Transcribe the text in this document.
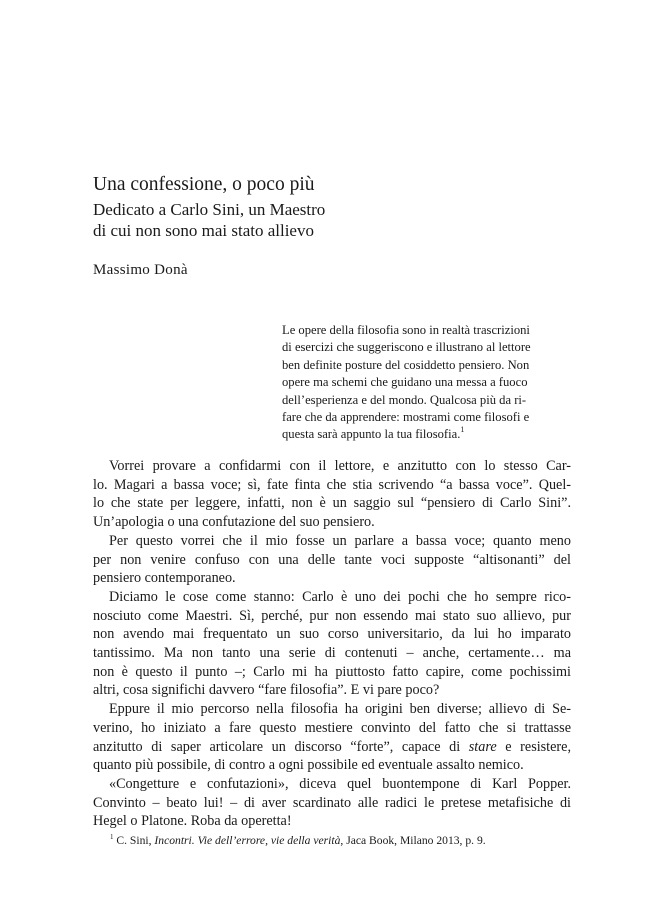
Una confessione, o poco più
Dedicato a Carlo Sini, un Maestro
di cui non sono mai stato allievo
Massimo Donà
Le opere della filosofia sono in realtà trascrizioni
di esercizi che suggeriscono e illustrano al lettore
ben definite posture del cosiddetto pensiero. Non
opere ma schemi che guidano una messa a fuoco
dell’esperienza e del mondo. Qualcosa più da ri-
fare che da apprendere: mostrami come filosofi e
questa sarà appunto la tua filosofia.$^1$
Vorrei provare a confidarmi con il lettore, e anzitutto con lo stesso Car-
lo. Magari a bassa voce; sì, fate finta che stia scrivendo “a bassa voce”. Quel-
lo che state per leggere, infatti, non è un saggio sul “pensiero di Carlo Sini”.
Un’apologia o una confutazione del suo pensiero.
Per questo vorrei che il mio fosse un parlare a bassa voce; quanto meno
per non venire confuso con una delle tante voci supposte “altisonanti” del
pensiero contemporaneo.
Diciamo le cose come stanno: Carlo è uno dei pochi che ho sempre rico-
nosciuto come Maestri. Sì, perché, pur non essendo mai stato suo allievo, pur
non avendo mai frequentato un suo corso universitario, da lui ho imparato
tantissimo. Ma non tanto una serie di contenuti – anche, certamente… ma
non è questo il punto –; Carlo mi ha piuttosto fatto capire, come pochissimi
altri, cosa significhi davvero “fare filosofia”. E vi pare poco?
Eppure il mio percorso nella filosofia ha origini ben diverse; allievo di Se-
verino, ho iniziato a fare questo mestiere convinto del fatto che si trattasse
anzitutto di saper articolare un discorso “forte”, capace di stare e resistere,
quanto più possibile, di contro a ogni possibile ed eventuale assalto nemico.
«Congetture e confutazioni», diceva quel buontempone di Karl Popper.
Convinto – beato lui! – di aver scardinato alle radici le pretese metafisiche di
Hegel o Platone. Roba da operetta!
$^1$ C. Sini, Incontri. Vie dell’errore, vie della verità, Jaca Book, Milano 2013, p. 9.
